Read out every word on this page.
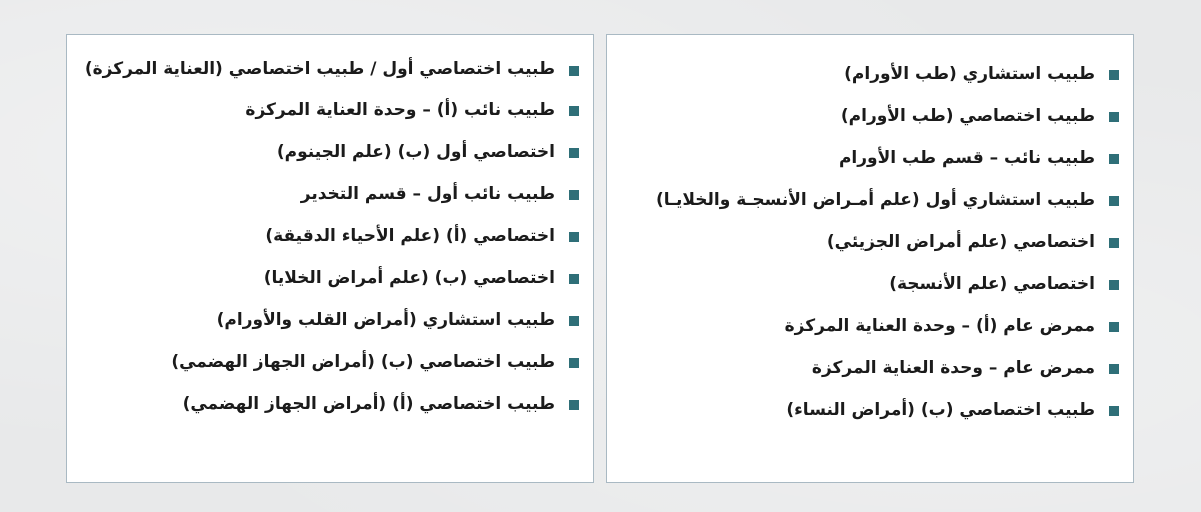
طبيب استشاري (طب الأورام)
طبيب اختصاصي (طب الأورام)
طبيب نائب – قسم طب الأورام
طبيب استشاري أول (علم أمـراض الأنسجـة والخلايـا)
اختصاصي (علم أمراض الجزيئي)
اختصاصي (علم الأنسجة)
ممرض عام (أ) – وحدة العناية المركزة
ممرض عام – وحدة العناية المركزة
طبيب اختصاصي (ب) (أمراض النساء)
طبيب اختصاصي أول / طبيب اختصاصي (العناية المركزة)
طبيب نائب (أ) – وحدة العناية المركزة
اختصاصي أول (ب) (علم الجينوم)
طبيب نائب أول – قسم التخدير
اختصاصي (أ) (علم الأحياء الدقيقة)
اختصاصي (ب) (علم أمراض الخلايا)
طبيب استشاري (أمراض القلب والأورام)
طبيب اختصاصي (ب) (أمراض الجهاز الهضمي)
طبيب اختصاصي (أ) (أمراض الجهاز الهضمي)
